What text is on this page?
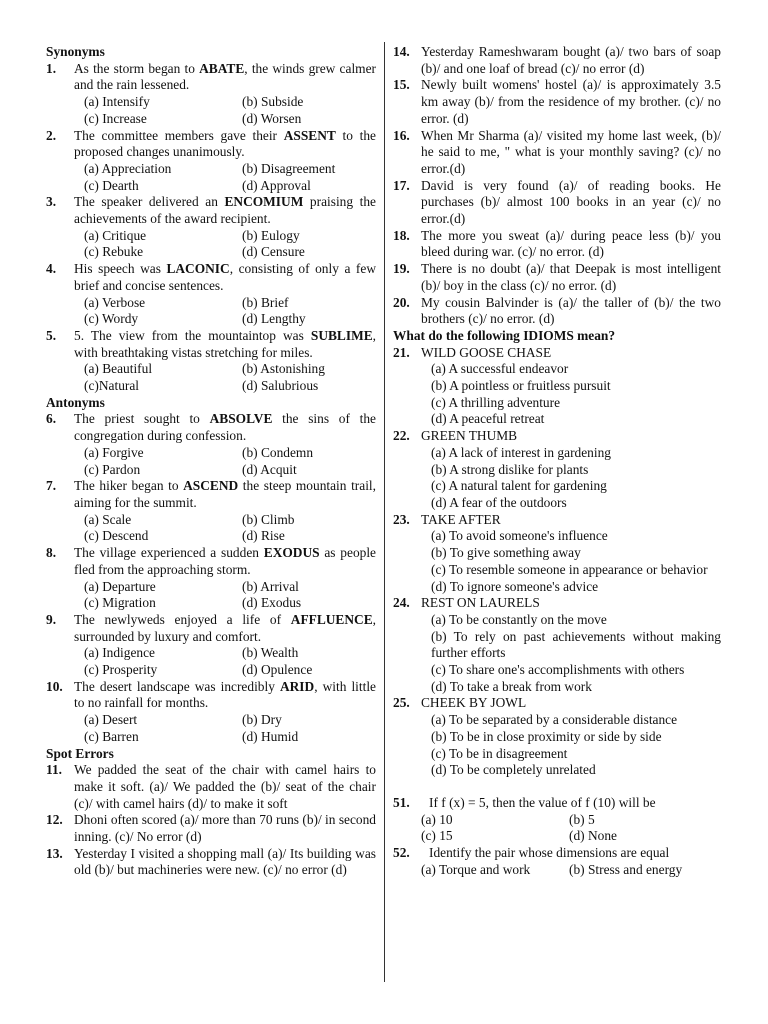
Synonyms
1. As the storm began to ABATE, the winds grew calmer and the rain lessened.
(a) Intensify	(b) Subside
(c) Increase	(d) Worsen
2. The committee members gave their ASSENT to the proposed changes unanimously.
(a) Appreciation	(b) Disagreement
(c) Dearth	(d) Approval
3. The speaker delivered an ENCOMIUM praising the achievements of the award recipient.
(a) Critique	(b) Eulogy
(c) Rebuke	(d) Censure
4. His speech was LACONIC, consisting of only a few brief and concise sentences.
(a) Verbose	(b) Brief
(c) Wordy	(d) Lengthy
5. 5. The view from the mountaintop was SUBLIME, with breathtaking vistas stretching for miles.
(a) Beautiful	(b) Astonishing
(c)Natural	(d) Salubrious
Antonyms
6. The priest sought to ABSOLVE the sins of the congregation during confession.
(a) Forgive	(b) Condemn
(c) Pardon	(d) Acquit
7. The hiker began to ASCEND the steep mountain trail, aiming for the summit.
(a) Scale	(b) Climb
(c) Descend	(d) Rise
8. The village experienced a sudden EXODUS as people fled from the approaching storm.
(a) Departure	(b) Arrival
(c) Migration	(d) Exodus
9. The newlyweds enjoyed a life of AFFLUENCE, surrounded by luxury and comfort.
(a) Indigence	(b) Wealth
(c) Prosperity	(d) Opulence
10. The desert landscape was incredibly ARID, with little to no rainfall for months.
(a) Desert	(b) Dry
(c) Barren	(d) Humid
Spot Errors
11. We padded the seat of the chair with camel hairs to make it soft. (a)/ We padded the (b)/ seat of the chair (c)/ with camel hairs (d)/ to make it soft
12. Dhoni often scored (a)/ more than 70 runs (b)/ in second inning. (c)/ No error (d)
13. Yesterday I visited a shopping mall (a)/ Its building was old (b)/ but machineries were new. (c)/ no error (d)
14. Yesterday Rameshwaram bought (a)/ two bars of soap (b)/ and one loaf of bread (c)/ no error (d)
15. Newly built womens' hostel (a)/ is approximately 3.5 km away (b)/ from the residence of my brother. (c)/ no error. (d)
16. When Mr Sharma (a)/ visited my home last week, (b)/ he said to me, " what is your monthly saving? (c)/ no error.(d)
17. David is very found (a)/ of reading books. He purchases (b)/ almost 100 books in an year (c)/ no error.(d)
18. The more you sweat (a)/ during peace less (b)/ you bleed during war. (c)/ no error. (d)
19. There is no doubt (a)/ that Deepak is most intelligent (b)/ boy in the class (c)/ no error. (d)
20. My cousin Balvinder is (a)/ the taller of (b)/ the two brothers (c)/ no error. (d)
What do the following IDIOMS mean?
21. WILD GOOSE CHASE
(a) A successful endeavor
(b) A pointless or fruitless pursuit
(c) A thrilling adventure
(d) A peaceful retreat
22. GREEN THUMB
(a) A lack of interest in gardening
(b) A strong dislike for plants
(c) A natural talent for gardening
(d) A fear of the outdoors
23. TAKE AFTER
(a) To avoid someone's influence
(b) To give something away
(c) To resemble someone in appearance or behavior
(d) To ignore someone's advice
24. REST ON LAURELS
(a) To be constantly on the move
(b) To rely on past achievements without making further efforts
(c) To share one's accomplishments with others
(d) To take a break from work
25. CHEEK BY JOWL
(a) To be separated by a considerable distance
(b) To be in close proximity or side by side
(c) To be in disagreement
(d) To be completely unrelated
51. If f (x) = 5, then the value of f (10) will be
(a) 10	(b) 5
(c) 15	(d) None
52. Identify the pair whose dimensions are equal
(a) Torque and work	(b) Stress and energy
